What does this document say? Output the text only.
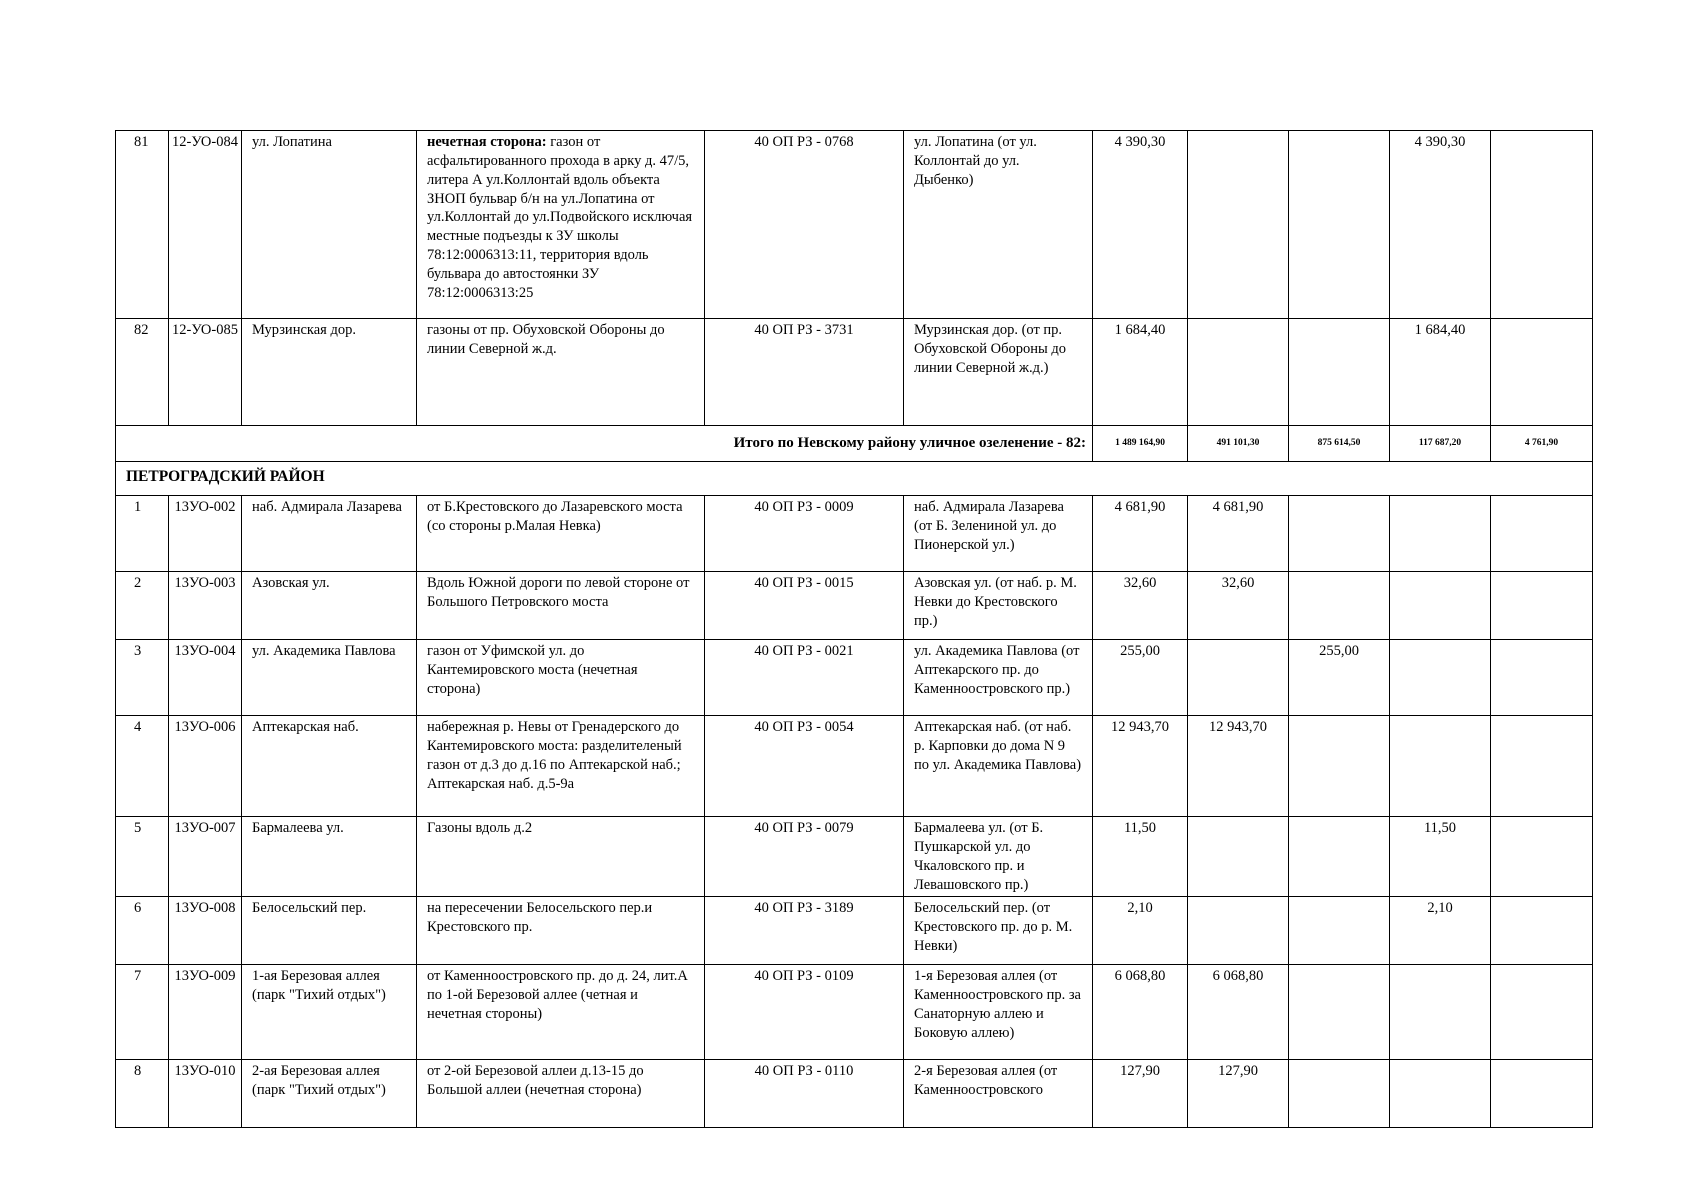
81	12-УО-084	ул. Лопатина	нечетная сторона: газон от асфальтированного прохода в арку д. 47/5, литера А ул.Коллонтай вдоль объекта ЗНОП бульвар б/н на ул.Лопатина от ул.Коллонтай до ул.Подвойского исключая местные подъезды к ЗУ школы 78:12:0006313:11, территория вдоль бульвара до автостоянки ЗУ 78:12:0006313:25	40 ОП РЗ - 0768	ул. Лопатина (от ул. Коллонтай до ул. Дыбенко)	4 390,30			4 390,30	
82	12-УО-085	Мурзинская дор.	газоны от пр. Обуховской Обороны до линии Северной ж.д.	40 ОП РЗ - 3731	Мурзинская дор. (от пр. Обуховской Обороны до линии Северной ж.д.)	1 684,40			1 684,40	
Итого по Невскому району уличное озеленение - 82:						1 489 164,90	491 101,30	875 614,50	117 687,20	4 761,90
ПЕТРОГРАДСКИЙ РАЙОН										
1	13УО-002	наб. Адмирала Лазарева	от Б.Крестовского до Лазаревского моста (со стороны р.Малая Невка)	40 ОП РЗ - 0009	наб. Адмирала Лазарева (от Б. Зелениной ул. до Пионерской ул.)	4 681,90	4 681,90			
2	13УО-003	Азовская ул.	Вдоль Южной дороги по левой стороне от Большого Петровского моста	40 ОП РЗ - 0015	Азовская ул. (от наб. р. М. Невки до Крестовского пр.)	32,60	32,60			
3	13УО-004	ул. Академика Павлова	газон от Уфимской ул. до Кантемировского моста (нечетная сторона)	40 ОП РЗ - 0021	ул. Академика Павлова (от Аптекарского пр. до Каменноостровского пр.)	255,00		255,00		
4	13УО-006	Аптекарская наб.	набережная р. Невы от Гренадерского до Кантемировского моста: разделителеный газон от д.3 до д.16 по Аптекарской наб.; Аптекарская наб. д.5-9а	40 ОП РЗ - 0054	Аптекарская наб. (от наб. р. Карповки до дома N 9 по ул. Академика Павлова)	12 943,70	12 943,70			
5	13УО-007	Бармалеева ул.	Газоны вдоль д.2	40 ОП РЗ - 0079	Бармалеева ул. (от Б. Пушкарской ул. до Чкаловского пр. и Левашовского пр.)	11,50			11,50	
6	13УО-008	Белосельский пер.	на пересечении Белосельского пер.и Крестовского пр.	40 ОП РЗ - 3189	Белосельский пер. (от Крестовского пр. до р. М. Невки)	2,10			2,10	
7	13УО-009	1-ая Березовая аллея (парк "Тихий отдых")	от Каменноостровского пр. до д. 24, лит.А по 1-ой Березовой аллее (четная и нечетная стороны)	40 ОП РЗ - 0109	1-я Березовая аллея (от Каменноостровского пр. за Санаторную аллею и Боковую аллею)	6 068,80	6 068,80			
8	13УО-010	2-ая Березовая аллея (парк "Тихий отдых")	от 2-ой Березовой аллеи д.13-15 до Большой аллеи (нечетная сторона)	40 ОП РЗ - 0110	2-я Березовая аллея (от Каменноостровского	127,90	127,90			
